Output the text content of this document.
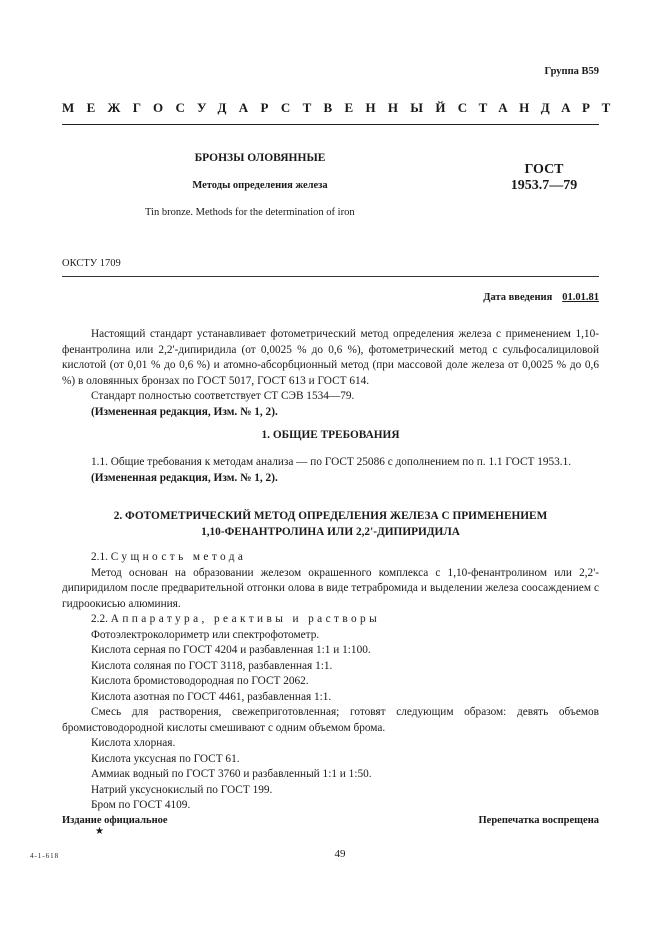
Группа В59
МЕЖГОСУДАРСТВЕННЫЙ СТАНДАРТ
БРОНЗЫ ОЛОВЯННЫЕ
Методы определения железа
Tin bronze. Methods for the determination of iron
ГОСТ
1953.7—79
ОКСТУ 1709
Дата введения 01.01.81

Настоящий стандарт устанавливает фотометрический метод определения железа с применением 1,10-фенантролина или 2,2'-дипиридила (от 0,0025 % до 0,6 %), фотометрический метод с сульфосалициловой кислотой (от 0,01 % до 0,6 %) и атомно-абсорбционный метод (при массовой доле железа от 0,0025 % до 0,6 %) в оловянных бронзах по ГОСТ 5017, ГОСТ 613 и ГОСТ 614.

Стандарт полностью соответствует СТ СЭВ 1534—79.

(Измененная редакция, Изм. № 1, 2).

1. ОБЩИЕ ТРЕБОВАНИЯ

1.1. Общие требования к методам анализа — по ГОСТ 25086 с дополнением по п. 1.1 ГОСТ 1953.1.

(Измененная редакция, Изм. № 1, 2).

2. ФОТОМЕТРИЧЕСКИЙ МЕТОД ОПРЕДЕЛЕНИЯ ЖЕЛЕЗА С ПРИМЕНЕНИЕМ

1,10-ФЕНАНТРОЛИНА ИЛИ 2,2'-ДИПИРИДИЛА

2.1. Сущность метода

Метод основан на образовании железом окрашенного комплекса с 1,10-фенантролином или 2,2'-дипиридилом после предварительной отгонки олова в виде тетрабромида и выделении железа соосаждением с гидроокисью алюминия.

2.2. Аппаратура, реактивы и растворы

Фотоэлектроколориметр или спектрофотометр.

Кислота серная по ГОСТ 4204 и разбавленная 1:1 и 1:100.

Кислота соляная по ГОСТ 3118, разбавленная 1:1.

Кислота бромистоводородная по ГОСТ 2062.

Кислота азотная по ГОСТ 4461, разбавленная 1:1.

Смесь для растворения, свежеприготовленная; готовят следующим образом: девять объемов бромистоводородной кислоты смешивают с одним объемом брома.

Кислота хлорная.

Кислота уксусная по ГОСТ 61.

Аммиак водный по ГОСТ 3760 и разбавленный 1:1 и 1:50.

Натрий уксуснокислый по ГОСТ 199.

Бром по ГОСТ 4109.

Издание официальное
★
Перепечатка воспрещена
4-1-618	49
